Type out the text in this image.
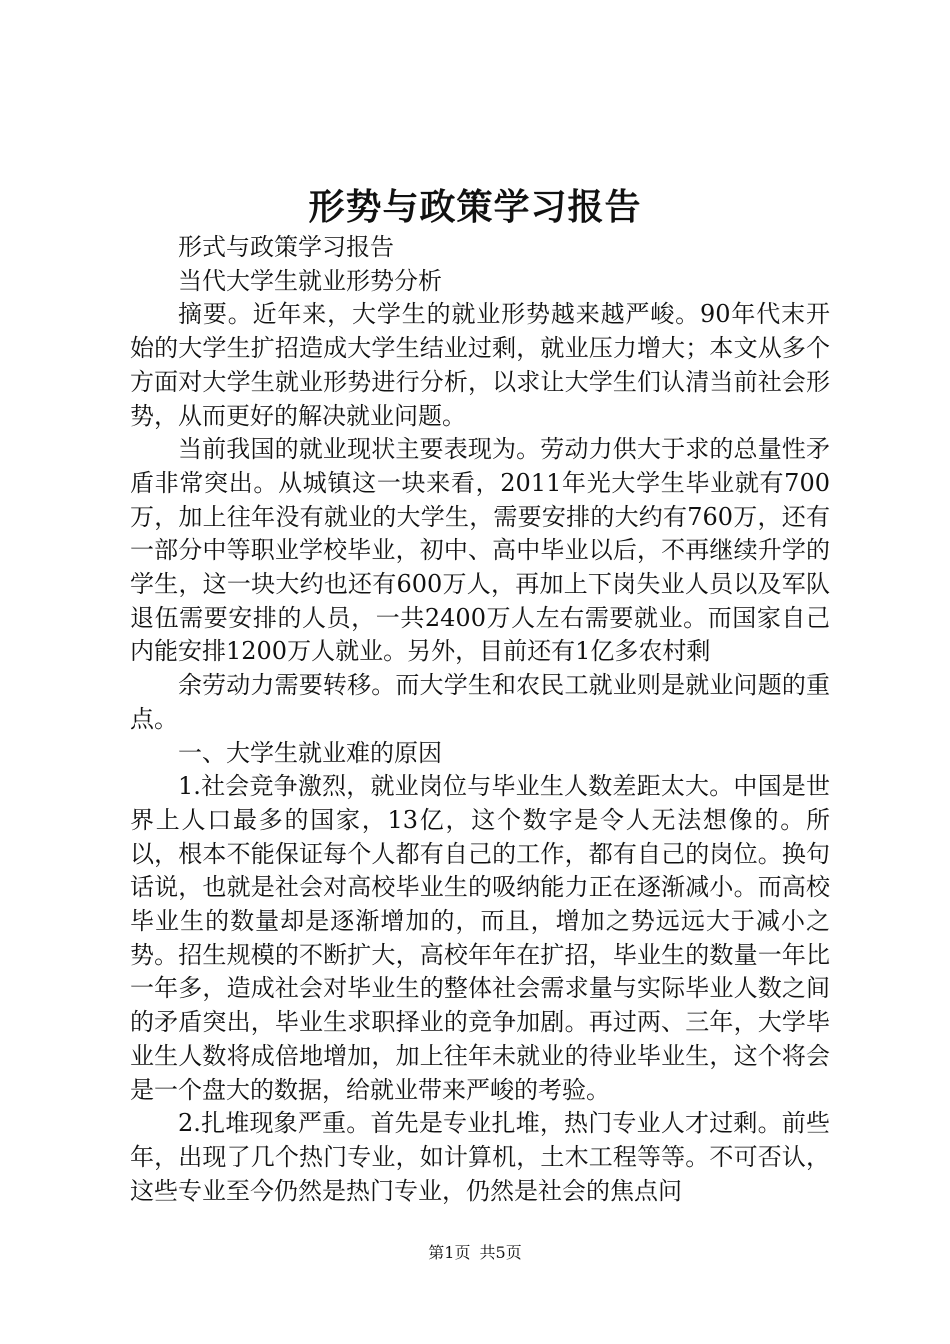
形势与政策学习报告

形式与政策学习报告

当代大学生就业形势分析

摘要。近年来，大学生的就业形势越来越严峻。90年代末开始的大学生扩招造成大学生结业过剩，就业压力增大；本文从多个方面对大学生就业形势进行分析，以求让大学生们认清当前社会形势，从而更好的解决就业问题。

当前我国的就业现状主要表现为。劳动力供大于求的总量性矛盾非常突出。从城镇这一块来看，2011年光大学生毕业就有700万，加上往年没有就业的大学生，需要安排的大约有760万，还有一部分中等职业学校毕业，初中、高中毕业以后，不再继续升学的学生，这一块大约也还有600万人，再加上下岗失业人员以及军队退伍需要安排的人员，一共2400万人左右需要就业。而国家自己内能安排1200万人就业。另外，目前还有1亿多农村剩

余劳动力需要转移。而大学生和农民工就业则是就业问题的重点。

一、大学生就业难的原因

1.社会竞争激烈，就业岗位与毕业生人数差距太大。中国是世界上人口最多的国家，13亿，这个数字是令人无法想像的。所以，根本不能保证每个人都有自己的工作，都有自己的岗位。换句话说，也就是社会对高校毕业生的吸纳能力正在逐渐减小。而高校毕业生的数量却是逐渐增加的，而且，增加之势远远大于减小之势。招生规模的不断扩大，高校年年在扩招，毕业生的数量一年比一年多，造成社会对毕业生的整体社会需求量与实际毕业人数之间的矛盾突出，毕业生求职择业的竞争加剧。再过两、三年，大学毕业生人数将成倍地增加，加上往年未就业的待业毕业生，这个将会是一个盘大的数据，给就业带来严峻的考验。

2.扎堆现象严重。首先是专业扎堆，热门专业人才过剩。前些年，出现了几个热门专业，如计算机，土木工程等等。不可否认，这些专业至今仍然是热门专业，仍然是社会的焦点问

第1页 共5页
